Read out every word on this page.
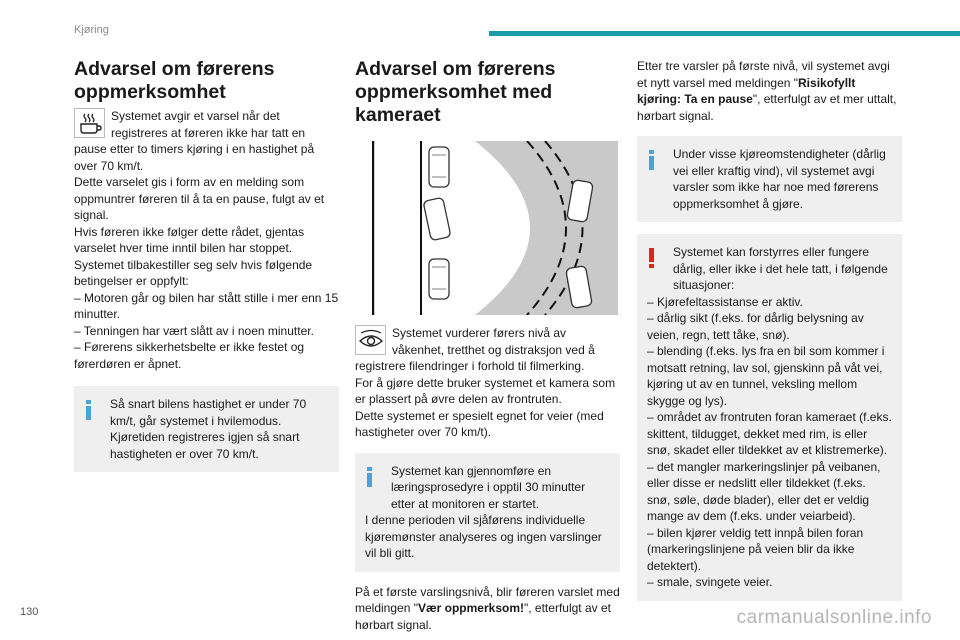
Kjøring
Advarsel om førerens oppmerksomhet

Systemet avgir et varsel når det registreres at føreren ikke har tatt en pause etter to timers kjøring i en hastighet på over 70 km/t.

Dette varselet gis i form av en melding som oppmuntrer føreren til å ta en pause, fulgt av et signal.

Hvis føreren ikke følger dette rådet, gjentas varselet hver time inntil bilen har stoppet.

Systemet tilbakestiller seg selv hvis følgende betingelser er oppfylt:

– Motoren går og bilen har stått stille i mer enn 15 minutter.

– Tenningen har vært slått av i noen minutter.

– Førerens sikkerhetsbelte er ikke festet og førerdøren er åpnet.

Så snart bilens hastighet er under 70 km/t, går systemet i hvilemodus. Kjøretiden registreres igjen så snart hastigheten er over 70 km/t.

Advarsel om førerens oppmerksomhet med kameraet

Systemet vurderer førers nivå av våkenhet, tretthet og distraksjon ved å registrere filendringer i forhold til filmerking.

For å gjøre dette bruker systemet et kamera som er plassert på øvre delen av frontruten.

Dette systemet er spesielt egnet for veier (med hastigheter over 70 km/t).

Systemet kan gjennomføre en læringsprosedyre i opptil 30 minutter etter at monitoren er startet.

I denne perioden vil sjåførens individuelle kjøremønster analyseres og ingen varslinger vil bli gitt.

På et første varslingsnivå, blir føreren varslet med meldingen "Vær oppmerksom!", etterfulgt av et hørbart signal.

Etter tre varsler på første nivå, vil systemet avgi et nytt varsel med meldingen "Risikofyllt kjøring: Ta en pause", etterfulgt av et mer uttalt, hørbart signal.

Under visse kjøreomstendigheter (dårlig vei eller kraftig vind), vil systemet avgi varsler som ikke har noe med førerens oppmerksomhet å gjøre.

Systemet kan forstyrres eller fungere dårlig, eller ikke i det hele tatt, i følgende situasjoner:

– Kjørefeltassistanse er aktiv.

– dårlig sikt (f.eks. for dårlig belysning av veien, regn, tett tåke, snø).

– blending (f.eks. lys fra en bil som kommer i motsatt retning, lav sol, gjenskinn på våt vei, kjøring ut av en tunnel, veksling mellom skygge og lys).

– området av frontruten foran kameraet (f.eks. skittent, tildugget, dekket med rim, is eller snø, skadet eller tildekket av et klistremerke).

– det mangler markeringslinjer på veibanen, eller disse er nedslitt eller tildekket (f.eks. snø, søle, døde blader), eller det er veldig mange av dem (f.eks. under veiarbeid).

– bilen kjører veldig tett innpå bilen foran (markeringslinjene på veien blir da ikke detektert).

– smale, svingete veier.

130	carmanualsonline.info
